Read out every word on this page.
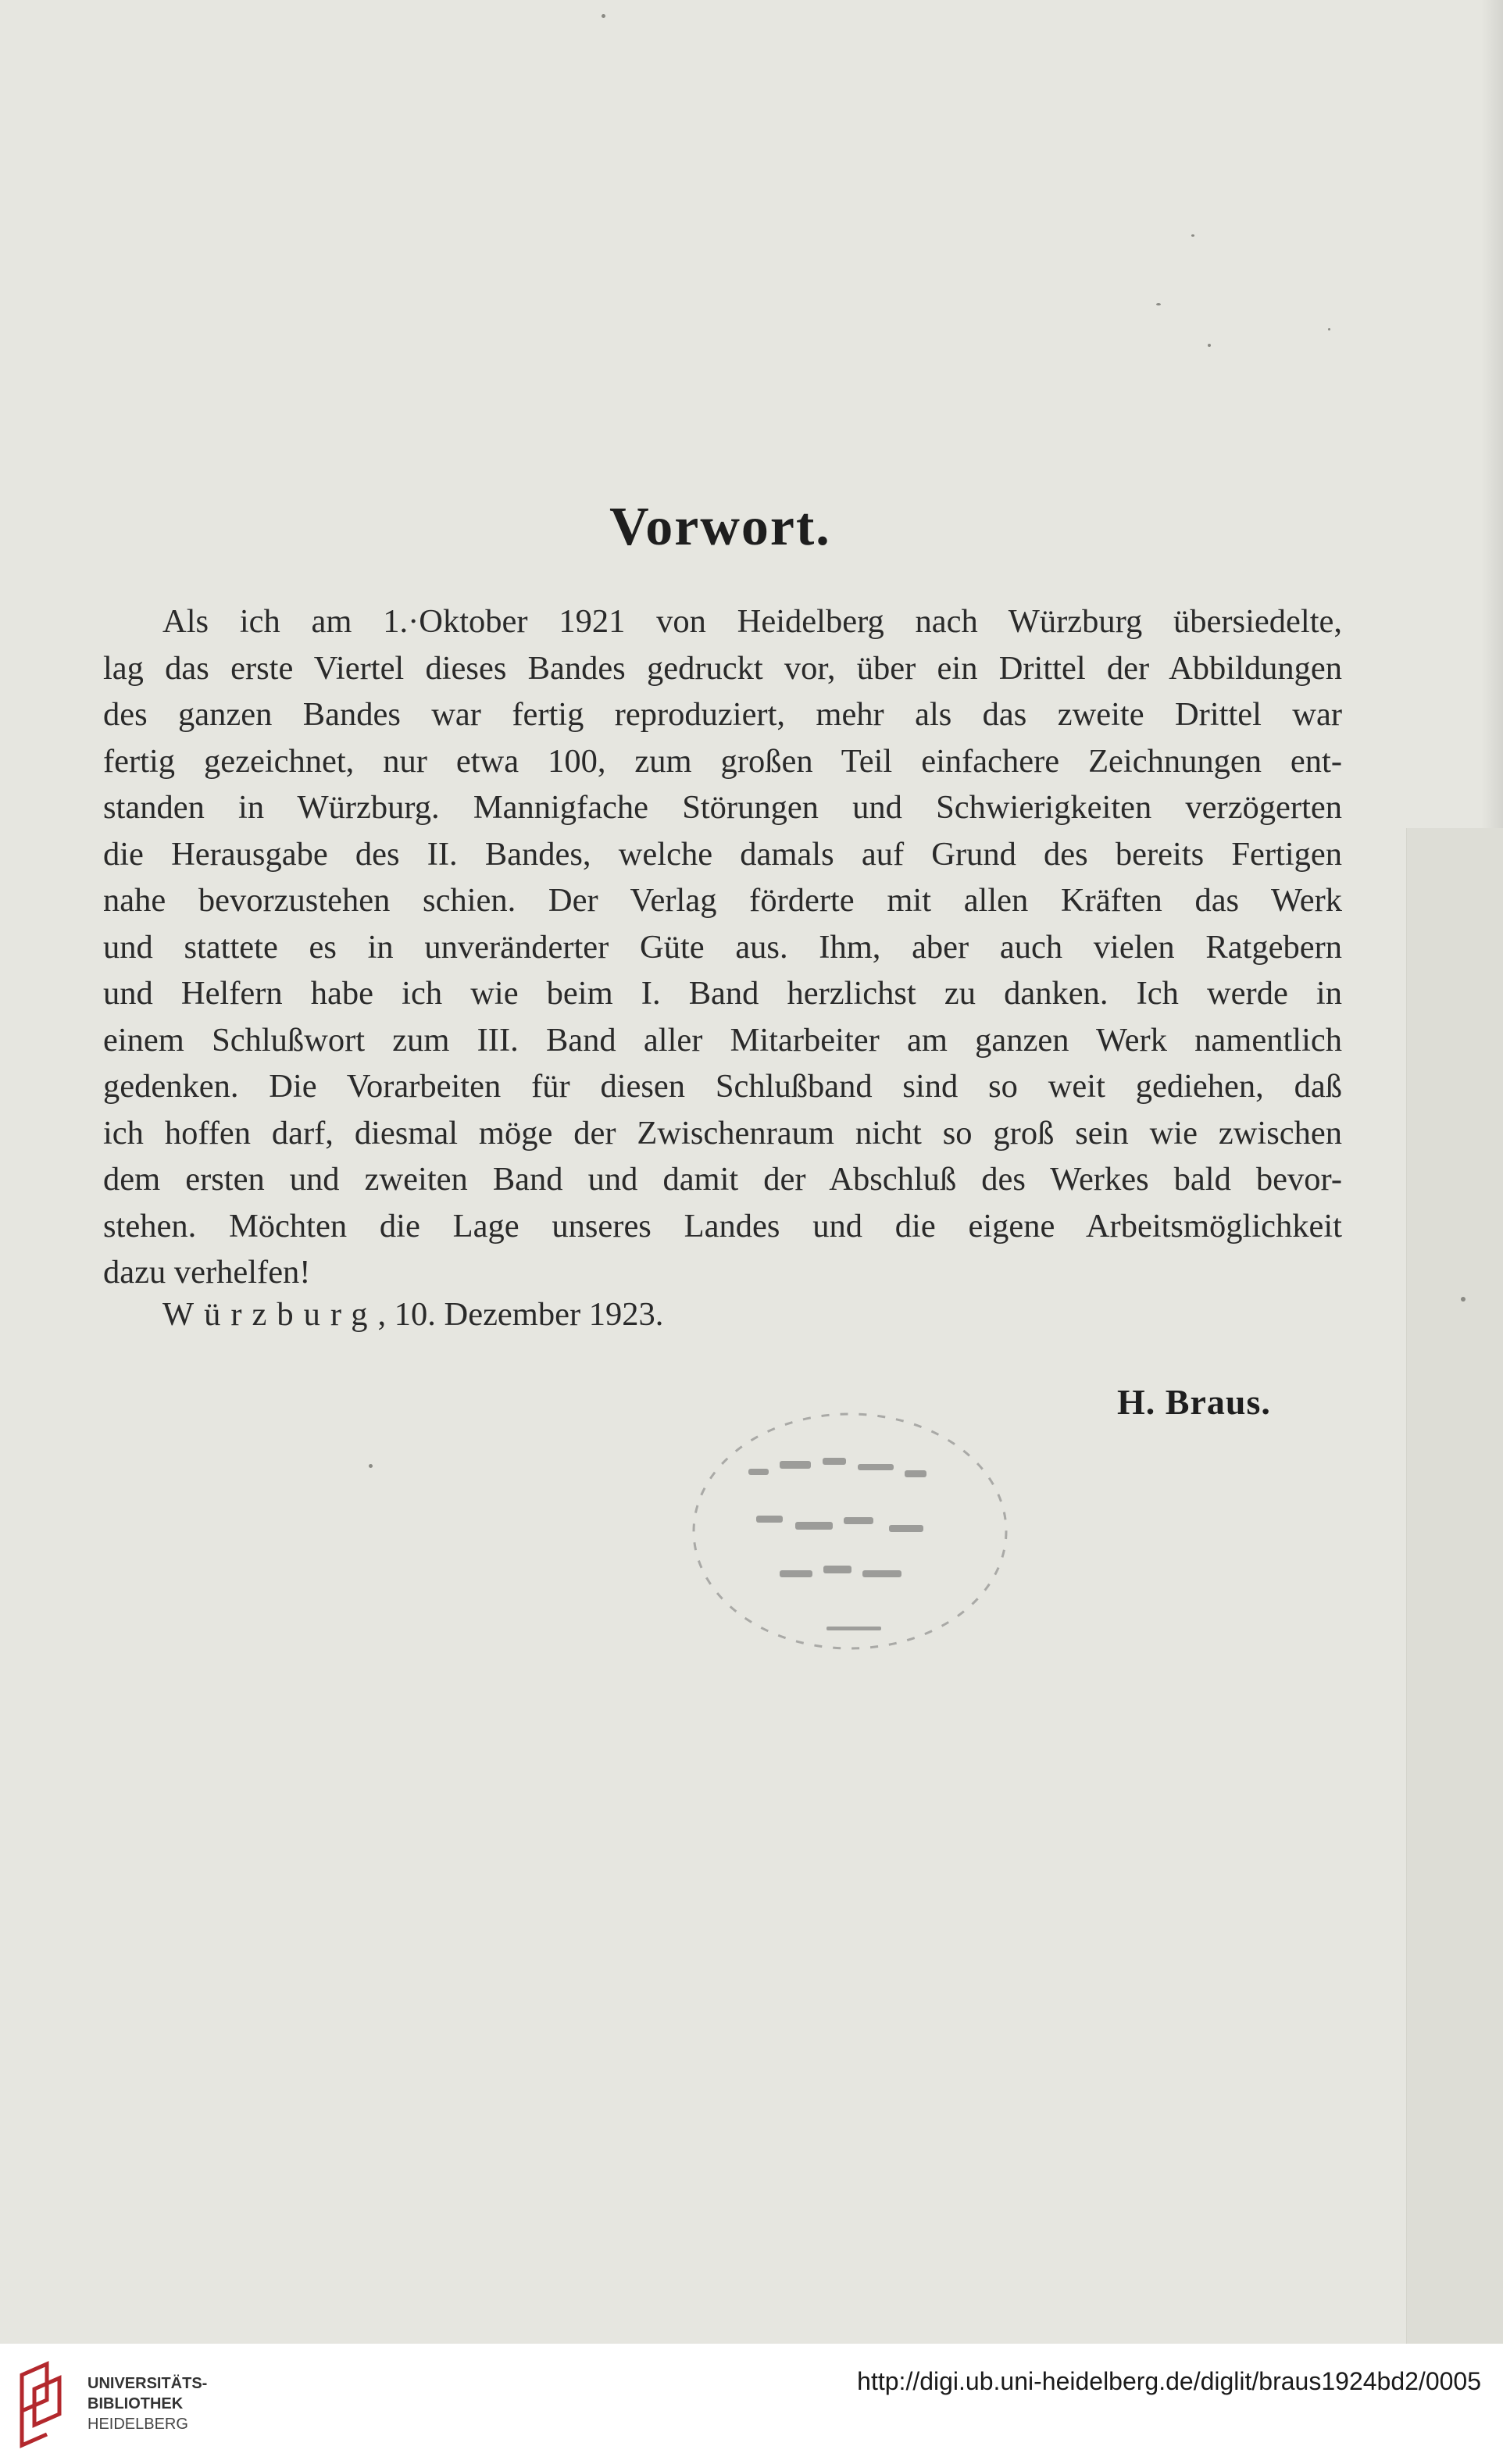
Vorwort.
Als ich am 1.·Oktober 1921 von Heidelberg nach Würzburg übersiedelte,
lag das erste Viertel dieses Bandes gedruckt vor, über ein Drittel der Abbildungen
des ganzen Bandes war fertig reproduziert, mehr als das zweite Drittel war
fertig gezeichnet, nur etwa 100, zum großen Teil einfachere Zeichnungen ent-
standen in Würzburg. Mannigfache Störungen und Schwierigkeiten verzögerten
die Herausgabe des II. Bandes, welche damals auf Grund des bereits Fertigen
nahe bevorzustehen schien. Der Verlag förderte mit allen Kräften das Werk
und stattete es in unveränderter Güte aus. Ihm, aber auch vielen Ratgebern
und Helfern habe ich wie beim I. Band herzlichst zu danken. Ich werde in
einem Schlußwort zum III. Band aller Mitarbeiter am ganzen Werk namentlich
gedenken. Die Vorarbeiten für diesen Schlußband sind so weit gediehen, daß
ich hoffen darf, diesmal möge der Zwischenraum nicht so groß sein wie zwischen
dem ersten und zweiten Band und damit der Abschluß des Werkes bald bevor-
stehen. Möchten die Lage unseres Landes und die eigene Arbeitsmöglichkeit
dazu verhelfen!
Würzburg, 10. Dezember 1923.
H. Braus.
UNIVERSITÄTS-
BIBLIOTHEK
HEIDELBERG
http://digi.ub.uni-heidelberg.de/diglit/braus1924bd2/0005
